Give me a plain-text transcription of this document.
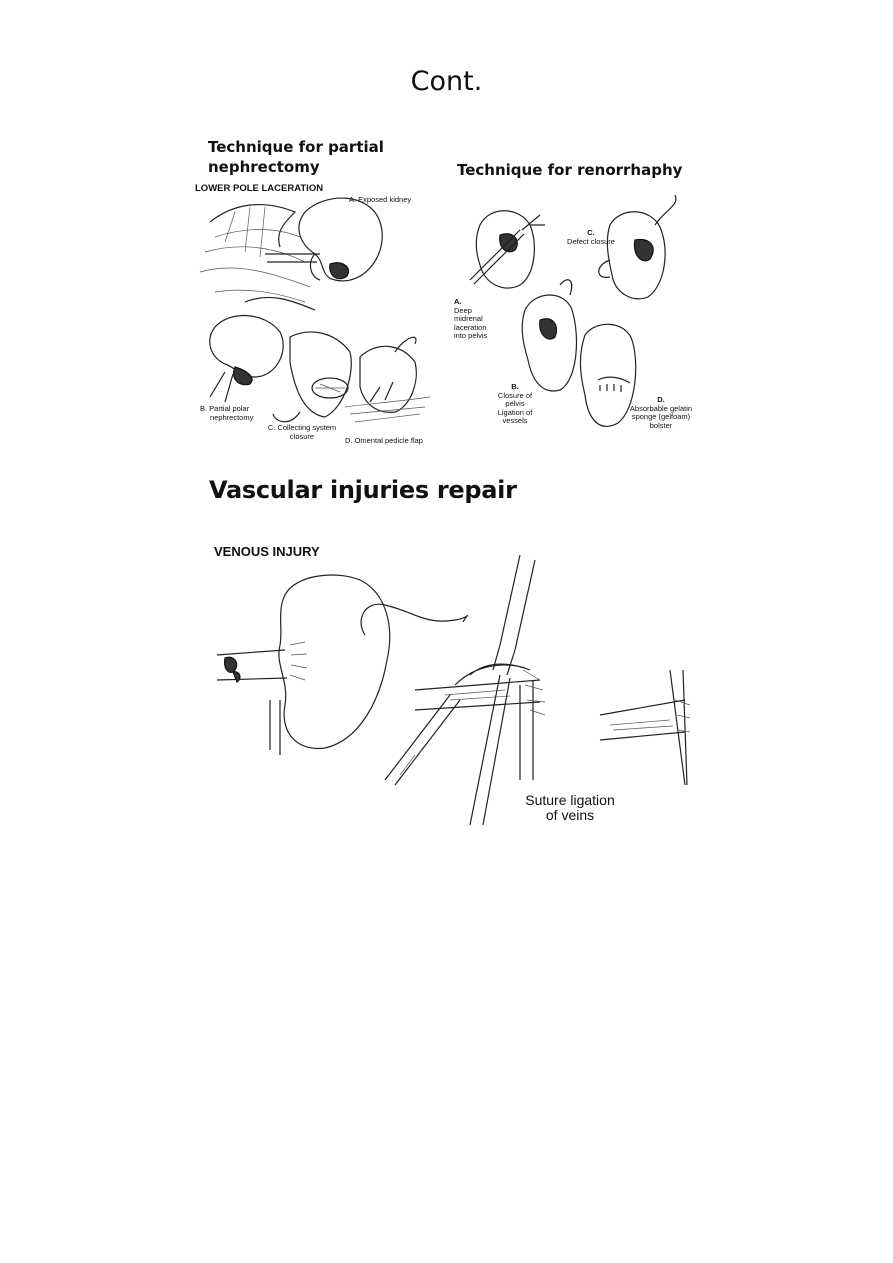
Cont.
Technique for partial
nephrectomy
LOWER POLE LACERATION
A. Exposed kidney
B. Partial polar
nephrectomy
C. Collecting system
closure	D. Omental pedicle flap
Technique for renorrhaphy
A.
Deep
midrenal
laceration
into pelvis
B.
Closure of
pelvis
Ligation of
vessels
C.
Defect closure
D.
Absorbable gelatin
sponge (gelfoam)
bolster
Vascular injuries repair
VENOUS INJURY
Suture ligation
of veins
